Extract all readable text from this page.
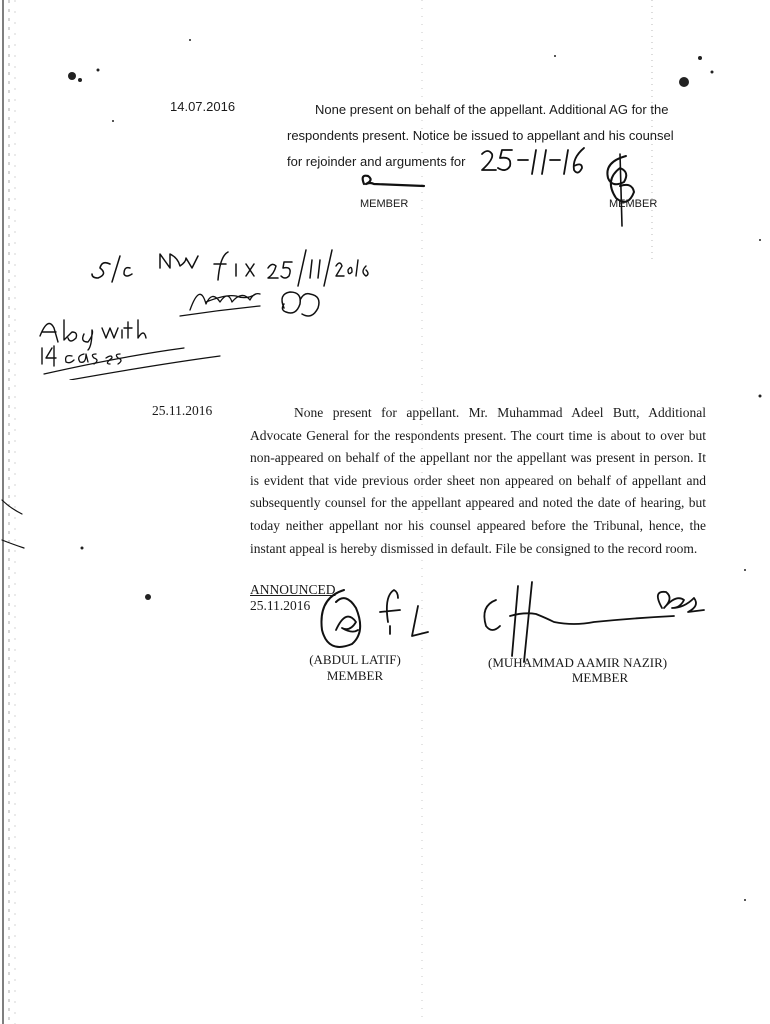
14.07.2016	None present on behalf of the appellant. Additional AG for the
respondents present. Notice be issued to appellant and his counsel
for rejoinder and arguments for
MEMBER	MEMBER
25.11.2016	None present for appellant. Mr. Muhammad Adeel Butt, Additional Advocate General for the respondents present. The court time is about to over but non-appeared on behalf of the appellant nor the appellant was present in person. It is evident that vide previous order sheet non appeared on behalf of appellant and subsequently counsel for the appellant appeared and noted the date of hearing, but today neither appellant nor his counsel appeared before the Tribunal, hence, the instant appeal is hereby dismissed in default. File be consigned to the record room.
ANNOUNCED
25.11.2016
(ABDUL LATIF)
MEMBER
(MUHAMMAD AAMIR NAZIR)
MEMBER
